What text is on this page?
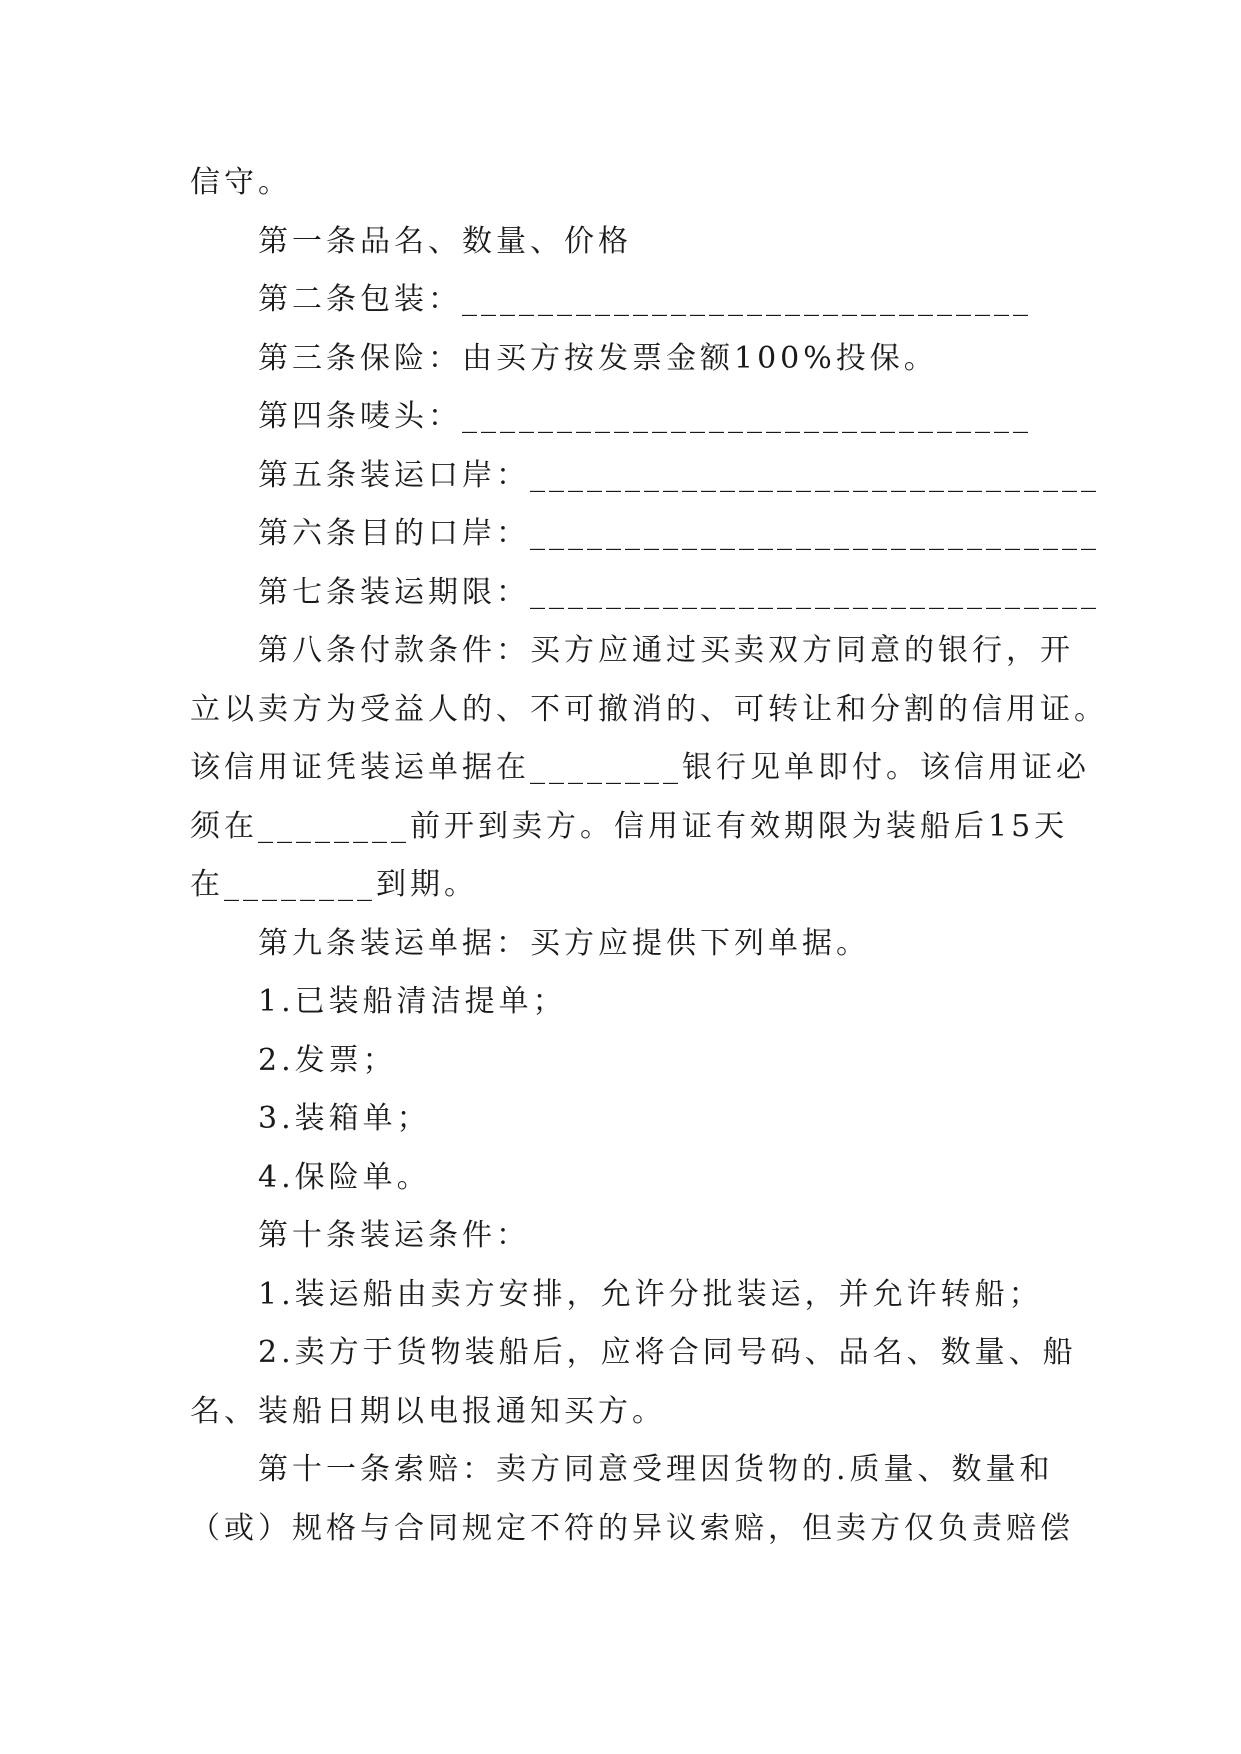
信守。
第一条品名、数量、价格
第二条包装：______________________________
第三条保险：由买方按发票金额100%投保。
第四条唛头：______________________________
第五条装运口岸：______________________________
第六条目的口岸：______________________________
第七条装运期限：______________________________
第八条付款条件：买方应通过买卖双方同意的银行，开
立以卖方为受益人的、不可撤消的、可转让和分割的信用证。
该信用证凭装运单据在________银行见单即付。该信用证必
须在________前开到卖方。信用证有效期限为装船后15天
在________到期。
第九条装运单据：买方应提供下列单据。
1.已装船清洁提单；
2.发票；
3.装箱单；
4.保险单。
第十条装运条件：
1.装运船由卖方安排，允许分批装运，并允许转船；
2.卖方于货物装船后，应将合同号码、品名、数量、船
名、装船日期以电报通知买方。
第十一条索赔：卖方同意受理因货物的.质量、数量和
（或）规格与合同规定不符的异议索赔，但卖方仅负责赔偿
